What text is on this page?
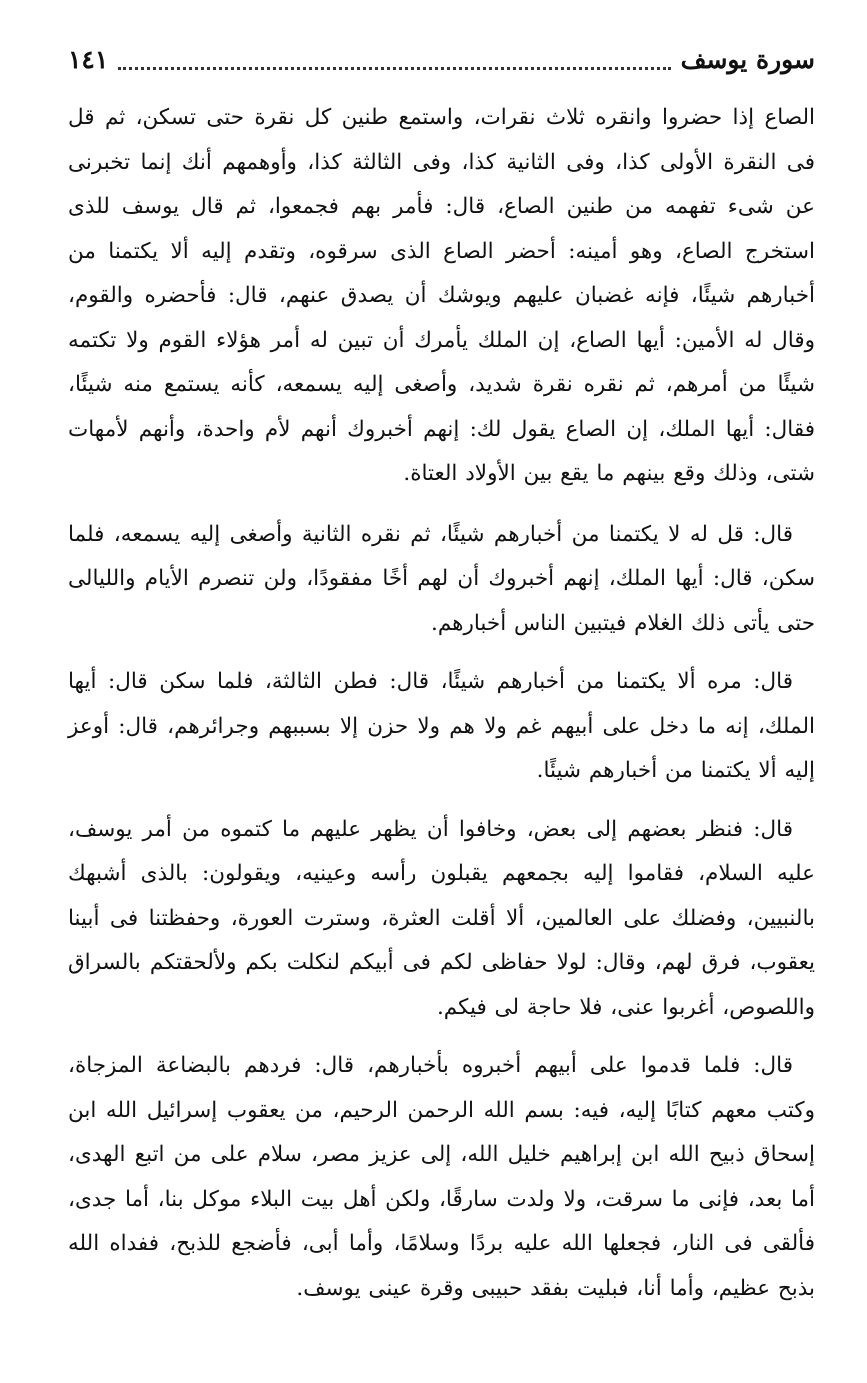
سورة يوسف
١٤١

الصاع إذا حضروا وانقره ثلاث نقرات، واستمع طنين كل نقرة حتى تسكن، ثم قل فى النقرة الأولى كذا، وفى الثانية كذا، وفى الثالثة كذا، وأوهمهم أنك إنما تخبرنى عن شىء تفهمه من طنين الصاع، قال: فأمر بهم فجمعوا، ثم قال يوسف للذى استخرج الصاع، وهو أمينه: أحضر الصاع الذى سرقوه، وتقدم إليه ألا يكتمنا من أخبارهم شيئًا، فإنه غضبان عليهم ويوشك أن يصدق عنهم، قال: فأحضره والقوم، وقال له الأمين: أيها الصاع، إن الملك يأمرك أن تبين له أمر هؤلاء القوم ولا تكتمه شيئًا من أمرهم، ثم نقره نقرة شديد، وأصغى إليه يسمعه، كأنه يستمع منه شيئًا، فقال: أيها الملك، إن الصاع يقول لك: إنهم أخبروك أنهم لأم واحدة، وأنهم لأمهات شتى، وذلك وقع بينهم ما يقع بين الأولاد العتاة.

قال: قل له لا يكتمنا من أخبارهم شيئًا، ثم نقره الثانية وأصغى إليه يسمعه، فلما سكن، قال: أيها الملك، إنهم أخبروك أن لهم أخًا مفقودًا، ولن تنصرم الأيام والليالى حتى يأتى ذلك الغلام فيتبين الناس أخبارهم.

قال: مره ألا يكتمنا من أخبارهم شيئًا، قال: فطن الثالثة، فلما سكن قال: أيها الملك، إنه ما دخل على أبيهم غم ولا هم ولا حزن إلا بسببهم وجرائرهم، قال: أوعز إليه ألا يكتمنا من أخبارهم شيئًا.

قال: فنظر بعضهم إلى بعض، وخافوا أن يظهر عليهم ما كتموه من أمر يوسف، عليه السلام، فقاموا إليه بجمعهم يقبلون رأسه وعينيه، ويقولون: بالذى أشبهك بالنبيين، وفضلك على العالمين، ألا أقلت العثرة، وسترت العورة، وحفظتنا فى أبينا يعقوب، فرق لهم، وقال: لولا حفاظى لكم فى أبيكم لنكلت بكم ولألحقتكم بالسراق واللصوص، أغربوا عنى، فلا حاجة لى فيكم.

قال: فلما قدموا على أبيهم أخبروه بأخبارهم، قال: فردهم بالبضاعة المزجاة، وكتب معهم كتابًا إليه، فيه: بسم الله الرحمن الرحيم، من يعقوب إسرائيل الله ابن إسحاق ذبيح الله ابن إبراهيم خليل الله، إلى عزيز مصر، سلام على من اتبع الهدى، أما بعد، فإنى ما سرقت، ولا ولدت سارقًا، ولكن أهل بيت البلاء موكل بنا، أما جدى، فألقى فى النار، فجعلها الله عليه بردًا وسلامًا، وأما أبى، فأضجع للذبح، ففداه الله بذبح عظيم، وأما أنا، فبليت بفقد حبيبى وقرة عينى يوسف.
